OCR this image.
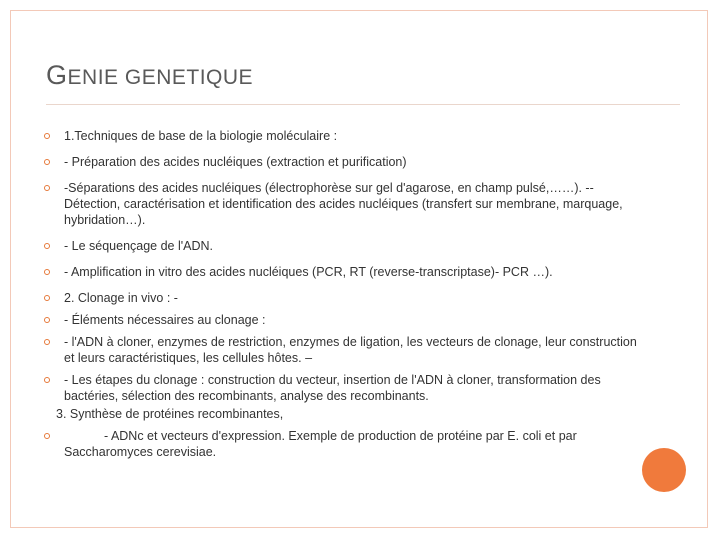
GENIE GENETIQUE
1.Techniques de base de la biologie moléculaire :
- Préparation des acides nucléiques (extraction et purification)
-Séparations des acides nucléiques (électrophorèse sur gel d'agarose, en champ pulsé,……). --Détection, caractérisation et identification des acides nucléiques (transfert sur membrane, marquage, hybridation…).
- Le séquençage de l'ADN.
- Amplification in vitro des acides nucléiques (PCR, RT (reverse-transcriptase)- PCR …).
2. Clonage in vivo : -
- Éléments nécessaires au clonage :
- l'ADN à cloner, enzymes de restriction, enzymes de ligation, les vecteurs de clonage, leur construction et leurs caractéristiques, les cellules hôtes. –
- Les étapes du clonage : construction du vecteur, insertion de l'ADN à cloner, transformation des bactéries, sélection des recombinants, analyse des recombinants.
3. Synthèse de protéines recombinantes,
- ADNc et vecteurs d'expression. Exemple de production de protéine par E. coli et par Saccharomyces cerevisiae.
